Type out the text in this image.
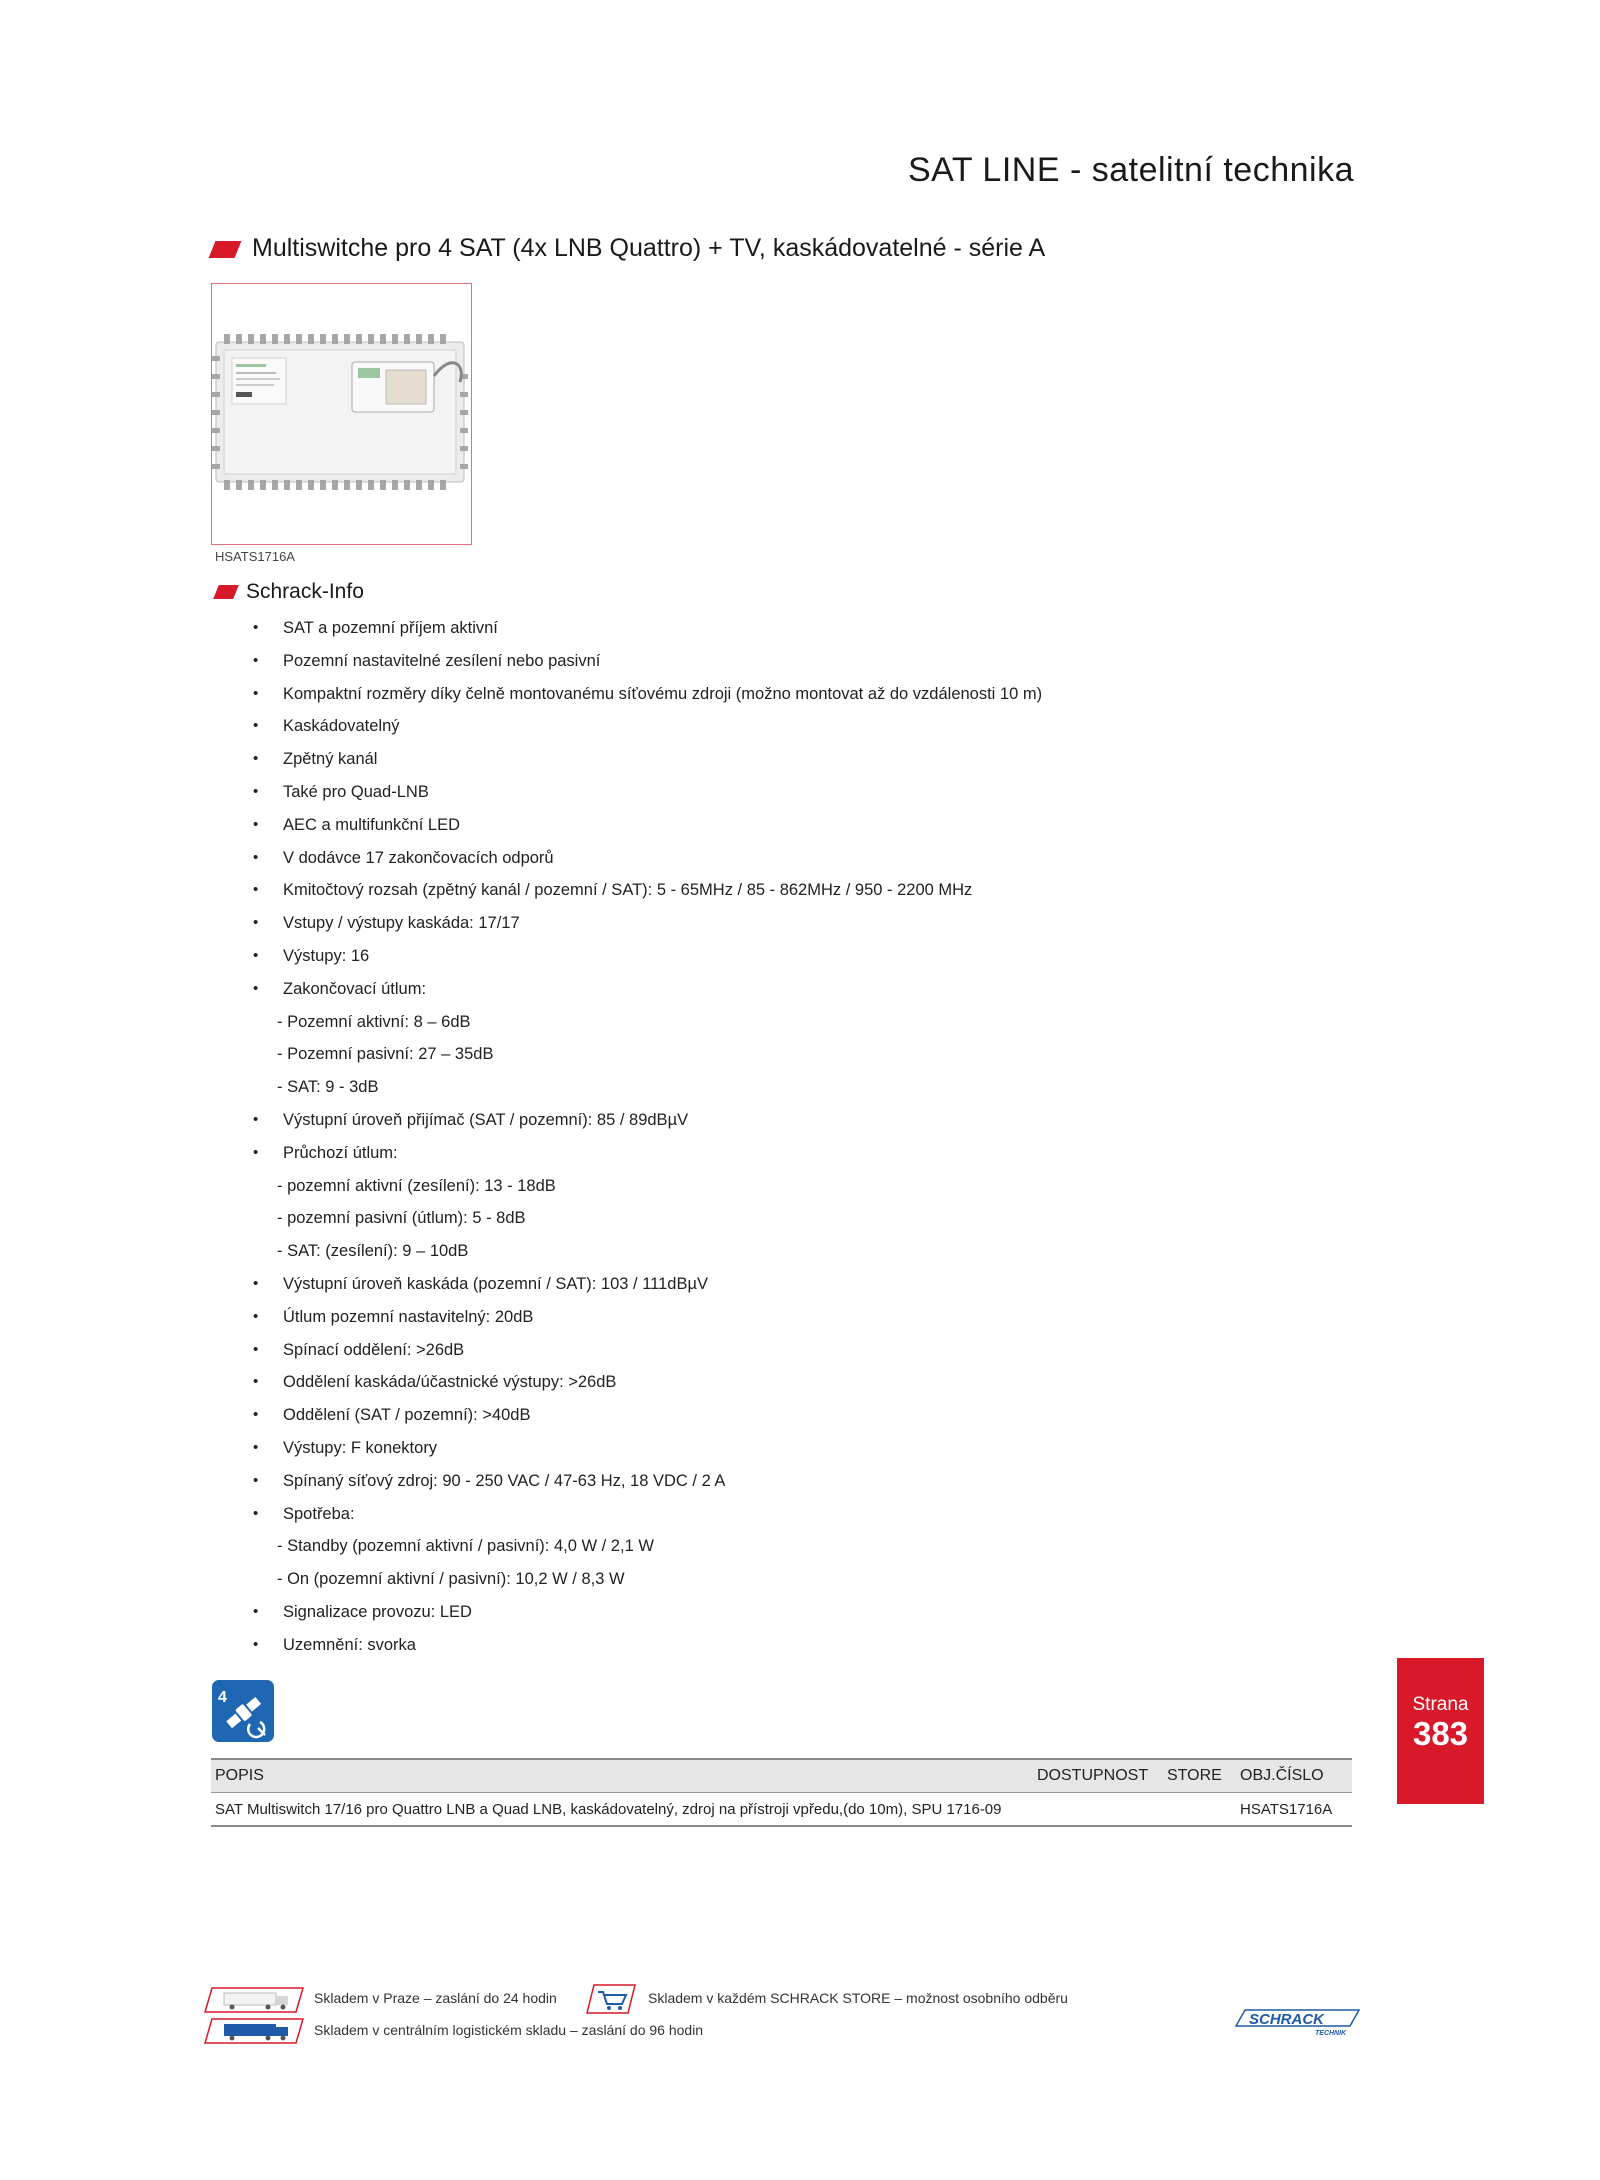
SAT LINE - satelitní technika
Multiswitche pro 4 SAT (4x LNB Quattro) + TV, kaskádovatelné - série A
HSATS1716A
Schrack-Info
• SAT a pozemní příjem aktivní
• Pozemní nastavitelné zesílení nebo pasivní
• Kompaktní rozměry díky čelně montovanému síťovému zdroji (možno montovat až do vzdálenosti 10 m)
• Kaskádovatelný
• Zpětný kanál
• Také pro Quad-LNB
• AEC a multifunkční LED
• V dodávce 17 zakončovacích odporů
• Kmitočtový rozsah (zpětný kanál / pozemní / SAT): 5 - 65MHz / 85 - 862MHz / 950 - 2200 MHz
• Vstupy / výstupy kaskáda: 17/17
• Výstupy: 16
• Zakončovací útlum:
- Pozemní aktivní: 8 – 6dB
- Pozemní pasivní: 27 – 35dB
- SAT: 9 - 3dB
• Výstupní úroveň přijímač (SAT / pozemní): 85 / 89dBµV
• Průchozí útlum:
- pozemní aktivní (zesílení): 13 - 18dB
- pozemní pasivní (útlum): 5 - 8dB
- SAT: (zesílení): 9 – 10dB
• Výstupní úroveň kaskáda (pozemní / SAT): 103 / 111dBµV
• Útlum pozemní nastavitelný: 20dB
• Spínací oddělení: >26dB
• Oddělení kaskáda/účastnické výstupy: >26dB
• Oddělení (SAT / pozemní): >40dB
• Výstupy: F konektory
• Spínaný síťový zdroj: 90 - 250 VAC / 47-63 Hz, 18 VDC / 2 A
• Spotřeba:
- Standby (pozemní aktivní / pasivní): 4,0 W / 2,1 W
- On (pozemní aktivní / pasivní): 10,2 W / 8,3 W
• Signalizace provozu: LED
• Uzemnění: svorka
4	Strana
383
POPIS	DOSTUPNOST	STORE	OBJ.ČÍSLO
SAT Multiswitch 17/16 pro Quattro LNB a Quad LNB, kaskádovatelný, zdroj na přístroji vpředu,(do 10m), SPU 1716-09			HSATS1716A
Skladem v Praze – zaslání do 24 hodin	Skladem v každém SCHRACK STORE – možnost osobního odběru
Skladem v centrálním logistickém skladu – zaslání do 96 hodin
SCHRACK
TECHNIK
